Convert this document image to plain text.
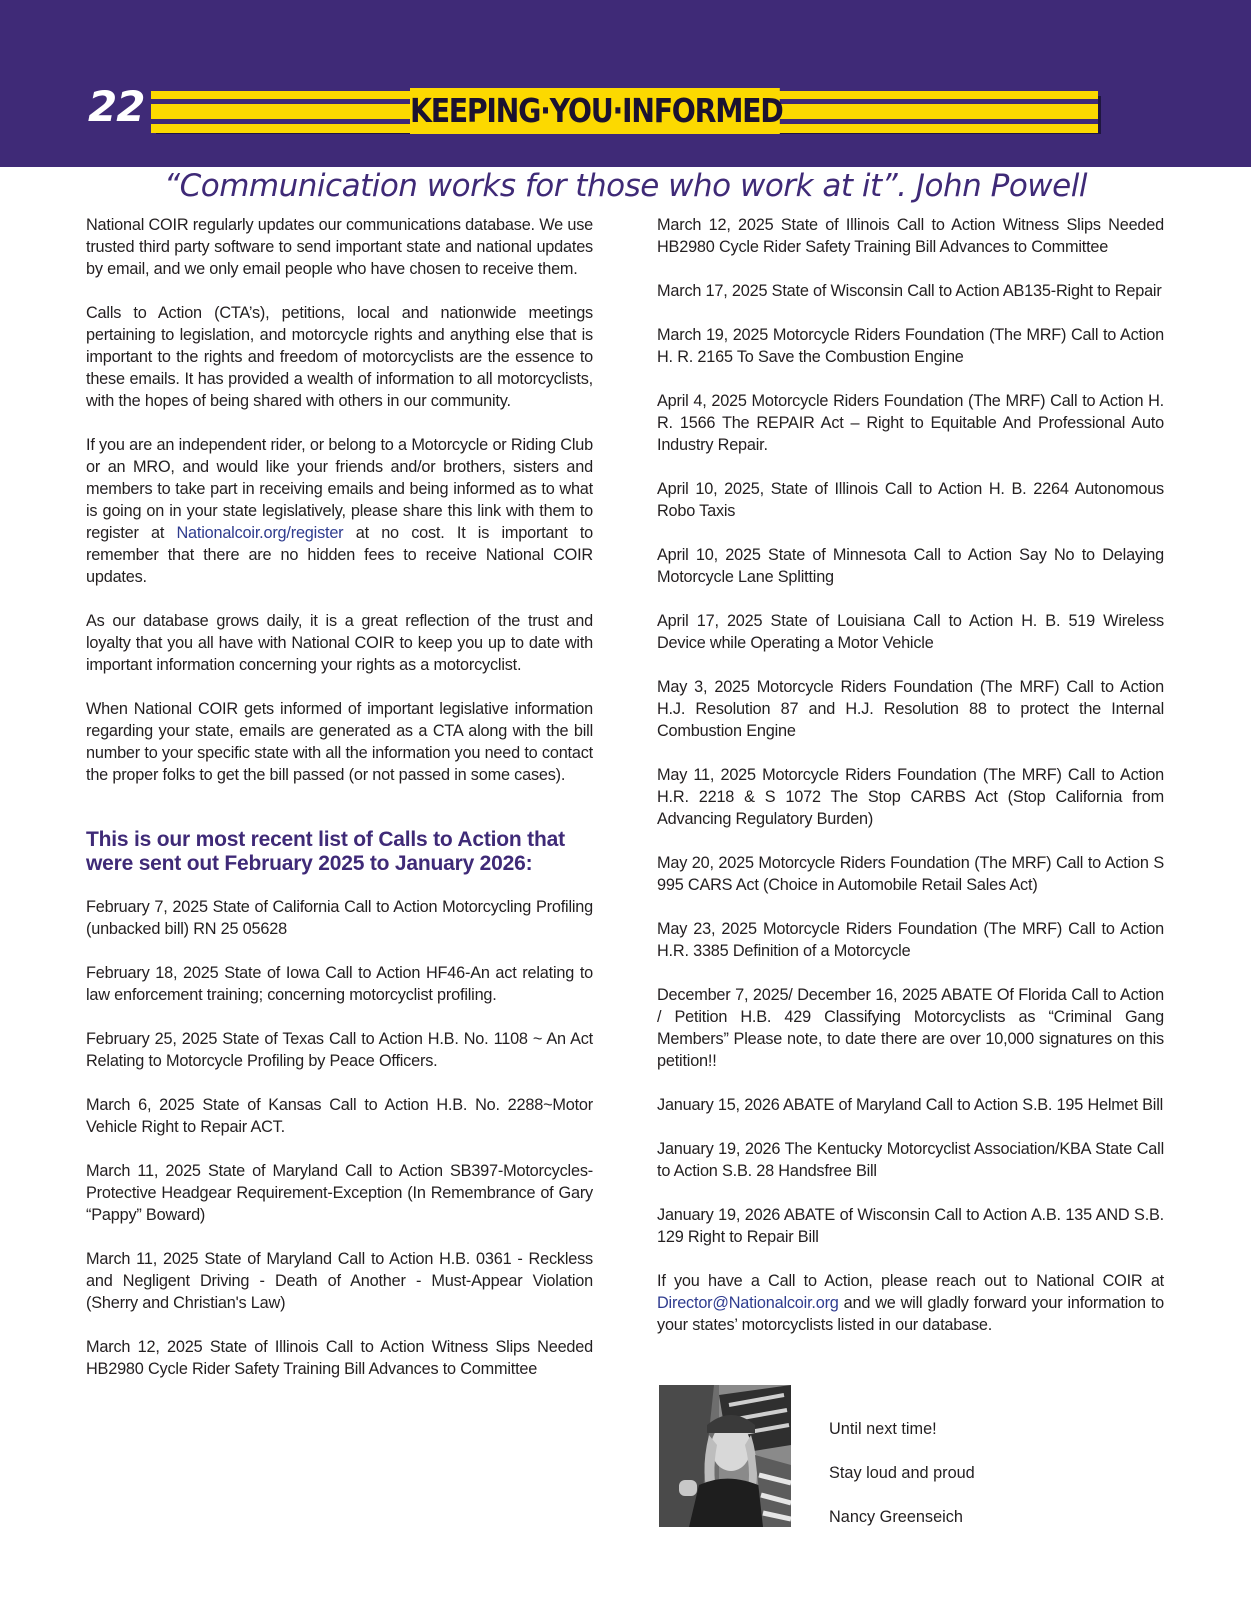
22	KEEPING·YOU·INFORMED
“Communication works for those who work at it”. John Powell

National COIR regularly updates our communications database. We use trusted third party software to send important state and national updates by email, and we only email people who have chosen to receive them.

Calls to Action (CTA’s), petitions, local and nationwide meetings pertaining to legislation, and motorcycle rights and anything else that is important to the rights and freedom of motorcyclists are the essence to these emails. It has provided a wealth of information to all motorcyclists, with the hopes of being shared with others in our community.

If you are an independent rider, or belong to a Motorcycle or Riding Club or an MRO, and would like your friends and/or brothers, sisters and members to take part in receiving emails and being informed as to what is going on in your state legislatively, please share this link with them to register at Nationalcoir.org/register at no cost. It is important to remember that there are no hidden fees to receive National COIR updates.

As our database grows daily, it is a great reflection of the trust and loyalty that you all have with National COIR to keep you up to date with important information concerning your rights as a motorcyclist.

When National COIR gets informed of important legislative information regarding your state, emails are generated as a CTA along with the bill number to your specific state with all the information you need to contact the proper folks to get the bill passed (or not passed in some cases).

This is our most recent list of Calls to Action that were sent out February 2025 to January 2026:

February 7, 2025 State of California Call to Action Motorcycling Profiling (unbacked bill) RN 25 05628

February 18, 2025 State of Iowa Call to Action HF46-An act relating to law enforcement training; concerning motorcyclist profiling.

February 25, 2025 State of Texas Call to Action H.B. No. 1108 ~ An Act Relating to Motorcycle Profiling by Peace Officers.

March 6, 2025 State of Kansas Call to Action H.B. No. 2288~Motor Vehicle Right to Repair ACT.

March 11, 2025 State of Maryland Call to Action SB397-Motorcycles-Protective Headgear Requirement-Exception (In Remembrance of Gary “Pappy” Boward)

March 11, 2025 State of Maryland Call to Action H.B. 0361 - Reckless and Negligent Driving - Death of Another - Must-Appear Violation (Sherry and Christian's Law)

March 12, 2025 State of Illinois Call to Action Witness Slips Needed HB2980 Cycle Rider Safety Training Bill Advances to Committee

March 12, 2025 State of Illinois Call to Action Witness Slips Needed HB2980 Cycle Rider Safety Training Bill Advances to Committee

March 17, 2025 State of Wisconsin Call to Action AB135-Right to Repair

March 19, 2025 Motorcycle Riders Foundation (The MRF) Call to Action H. R. 2165 To Save the Combustion Engine

April 4, 2025 Motorcycle Riders Foundation (The MRF) Call to Action H. R. 1566 The REPAIR Act – Right to Equitable And Professional Auto Industry Repair.

April 10, 2025, State of Illinois Call to Action H. B. 2264 Autonomous Robo Taxis

April 10, 2025 State of Minnesota Call to Action Say No to Delaying Motorcycle Lane Splitting

April 17, 2025 State of Louisiana Call to Action H. B. 519 Wireless Device while Operating a Motor Vehicle

May 3, 2025 Motorcycle Riders Foundation (The MRF) Call to Action H.J. Resolution 87 and H.J. Resolution 88 to protect the Internal Combustion Engine

May 11, 2025 Motorcycle Riders Foundation (The MRF) Call to Action H.R. 2218 & S 1072 The Stop CARBS Act (Stop California from Advancing Regulatory Burden)

May 20, 2025 Motorcycle Riders Foundation (The MRF) Call to Action S 995 CARS Act (Choice in Automobile Retail Sales Act)

May 23, 2025 Motorcycle Riders Foundation (The MRF) Call to Action H.R. 3385 Definition of a Motorcycle

December 7, 2025/ December 16, 2025 ABATE Of Florida Call to Action / Petition H.B. 429 Classifying Motorcyclists as “Criminal Gang Members” Please note, to date there are over 10,000 signatures on this petition!!

January 15, 2026 ABATE of Maryland Call to Action S.B. 195 Helmet Bill

January 19, 2026 The Kentucky Motorcyclist Association/KBA State Call to Action S.B. 28 Handsfree Bill

January 19, 2026 ABATE of Wisconsin Call to Action A.B. 135 AND S.B. 129 Right to Repair Bill

If you have a Call to Action, please reach out to National COIR at Director@Nationalcoir.org and we will gladly forward your information to your states’ motorcyclists listed in our database.

Until next time!
Stay loud and proud
Nancy Greenseich
